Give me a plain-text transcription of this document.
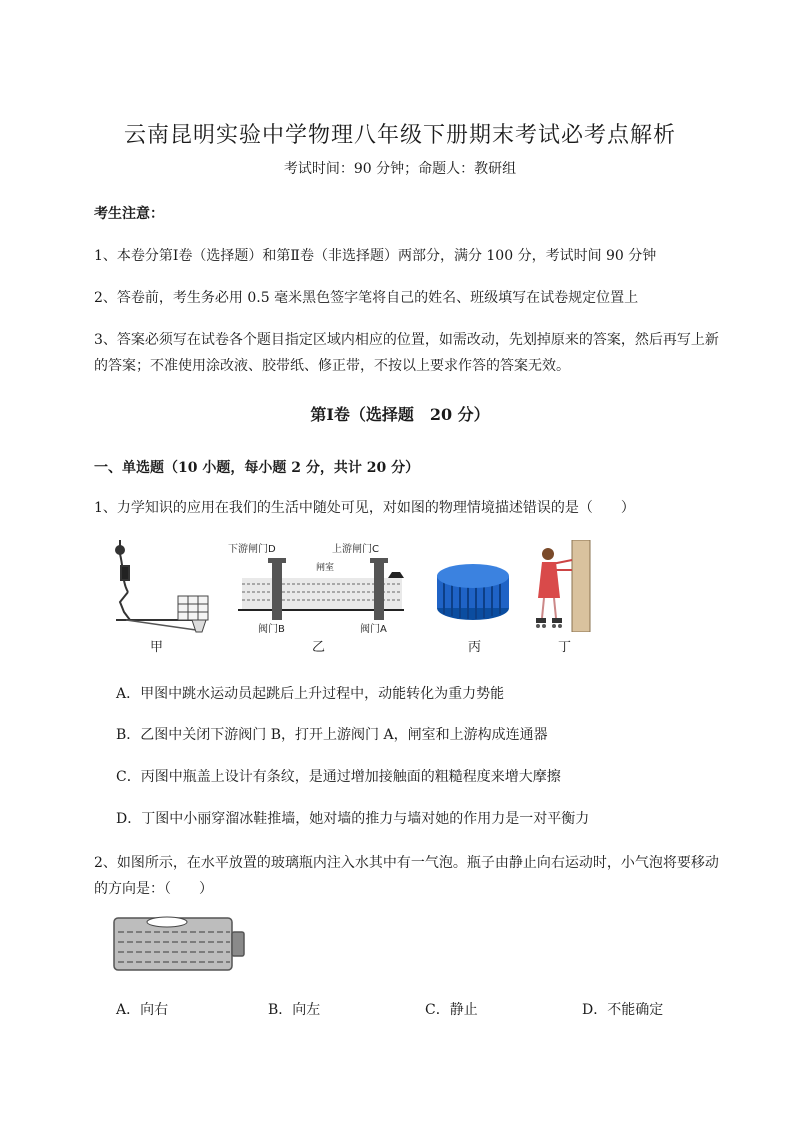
云南昆明实验中学物理八年级下册期末考试必考点解析
考试时间：90 分钟；命题人：教研组
考生注意：
1、本卷分第Ⅰ卷（选择题）和第Ⅱ卷（非选择题）两部分，满分 100 分，考试时间 90 分钟
2、答卷前，考生务必用 0.5 毫米黑色签字笔将自己的姓名、班级填写在试卷规定位置上
3、答案必须写在试卷各个题目指定区域内相应的位置，如需改动，先划掉原来的答案，然后再写上新
的答案；不准使用涂改液、胶带纸、修正带，不按以上要求作答的答案无效。
第Ⅰ卷（选择题　20 分）
一、单选题（10 小题，每小题 2 分，共计 20 分）
1、力学知识的应用在我们的生活中随处可见，对如图的物理情境描述错误的是（　　）
甲
下游闸门D	上游闸门C
闸室
阀门B	阀门A
乙	丙	丁
A．甲图中跳水运动员起跳后上升过程中，动能转化为重力势能
B．乙图中关闭下游阀门 B，打开上游阀门 A，闸室和上游构成连通器
C．丙图中瓶盖上设计有条纹，是通过增加接触面的粗糙程度来增大摩擦
D．丁图中小丽穿溜冰鞋推墙，她对墙的推力与墙对她的作用力是一对平衡力
2、如图所示，在水平放置的玻璃瓶内注入水其中有一气泡。瓶子由静止向右运动时，小气泡将要移动
的方向是：（　　）
A．向右	B．向左	C．静止	D．不能确定
